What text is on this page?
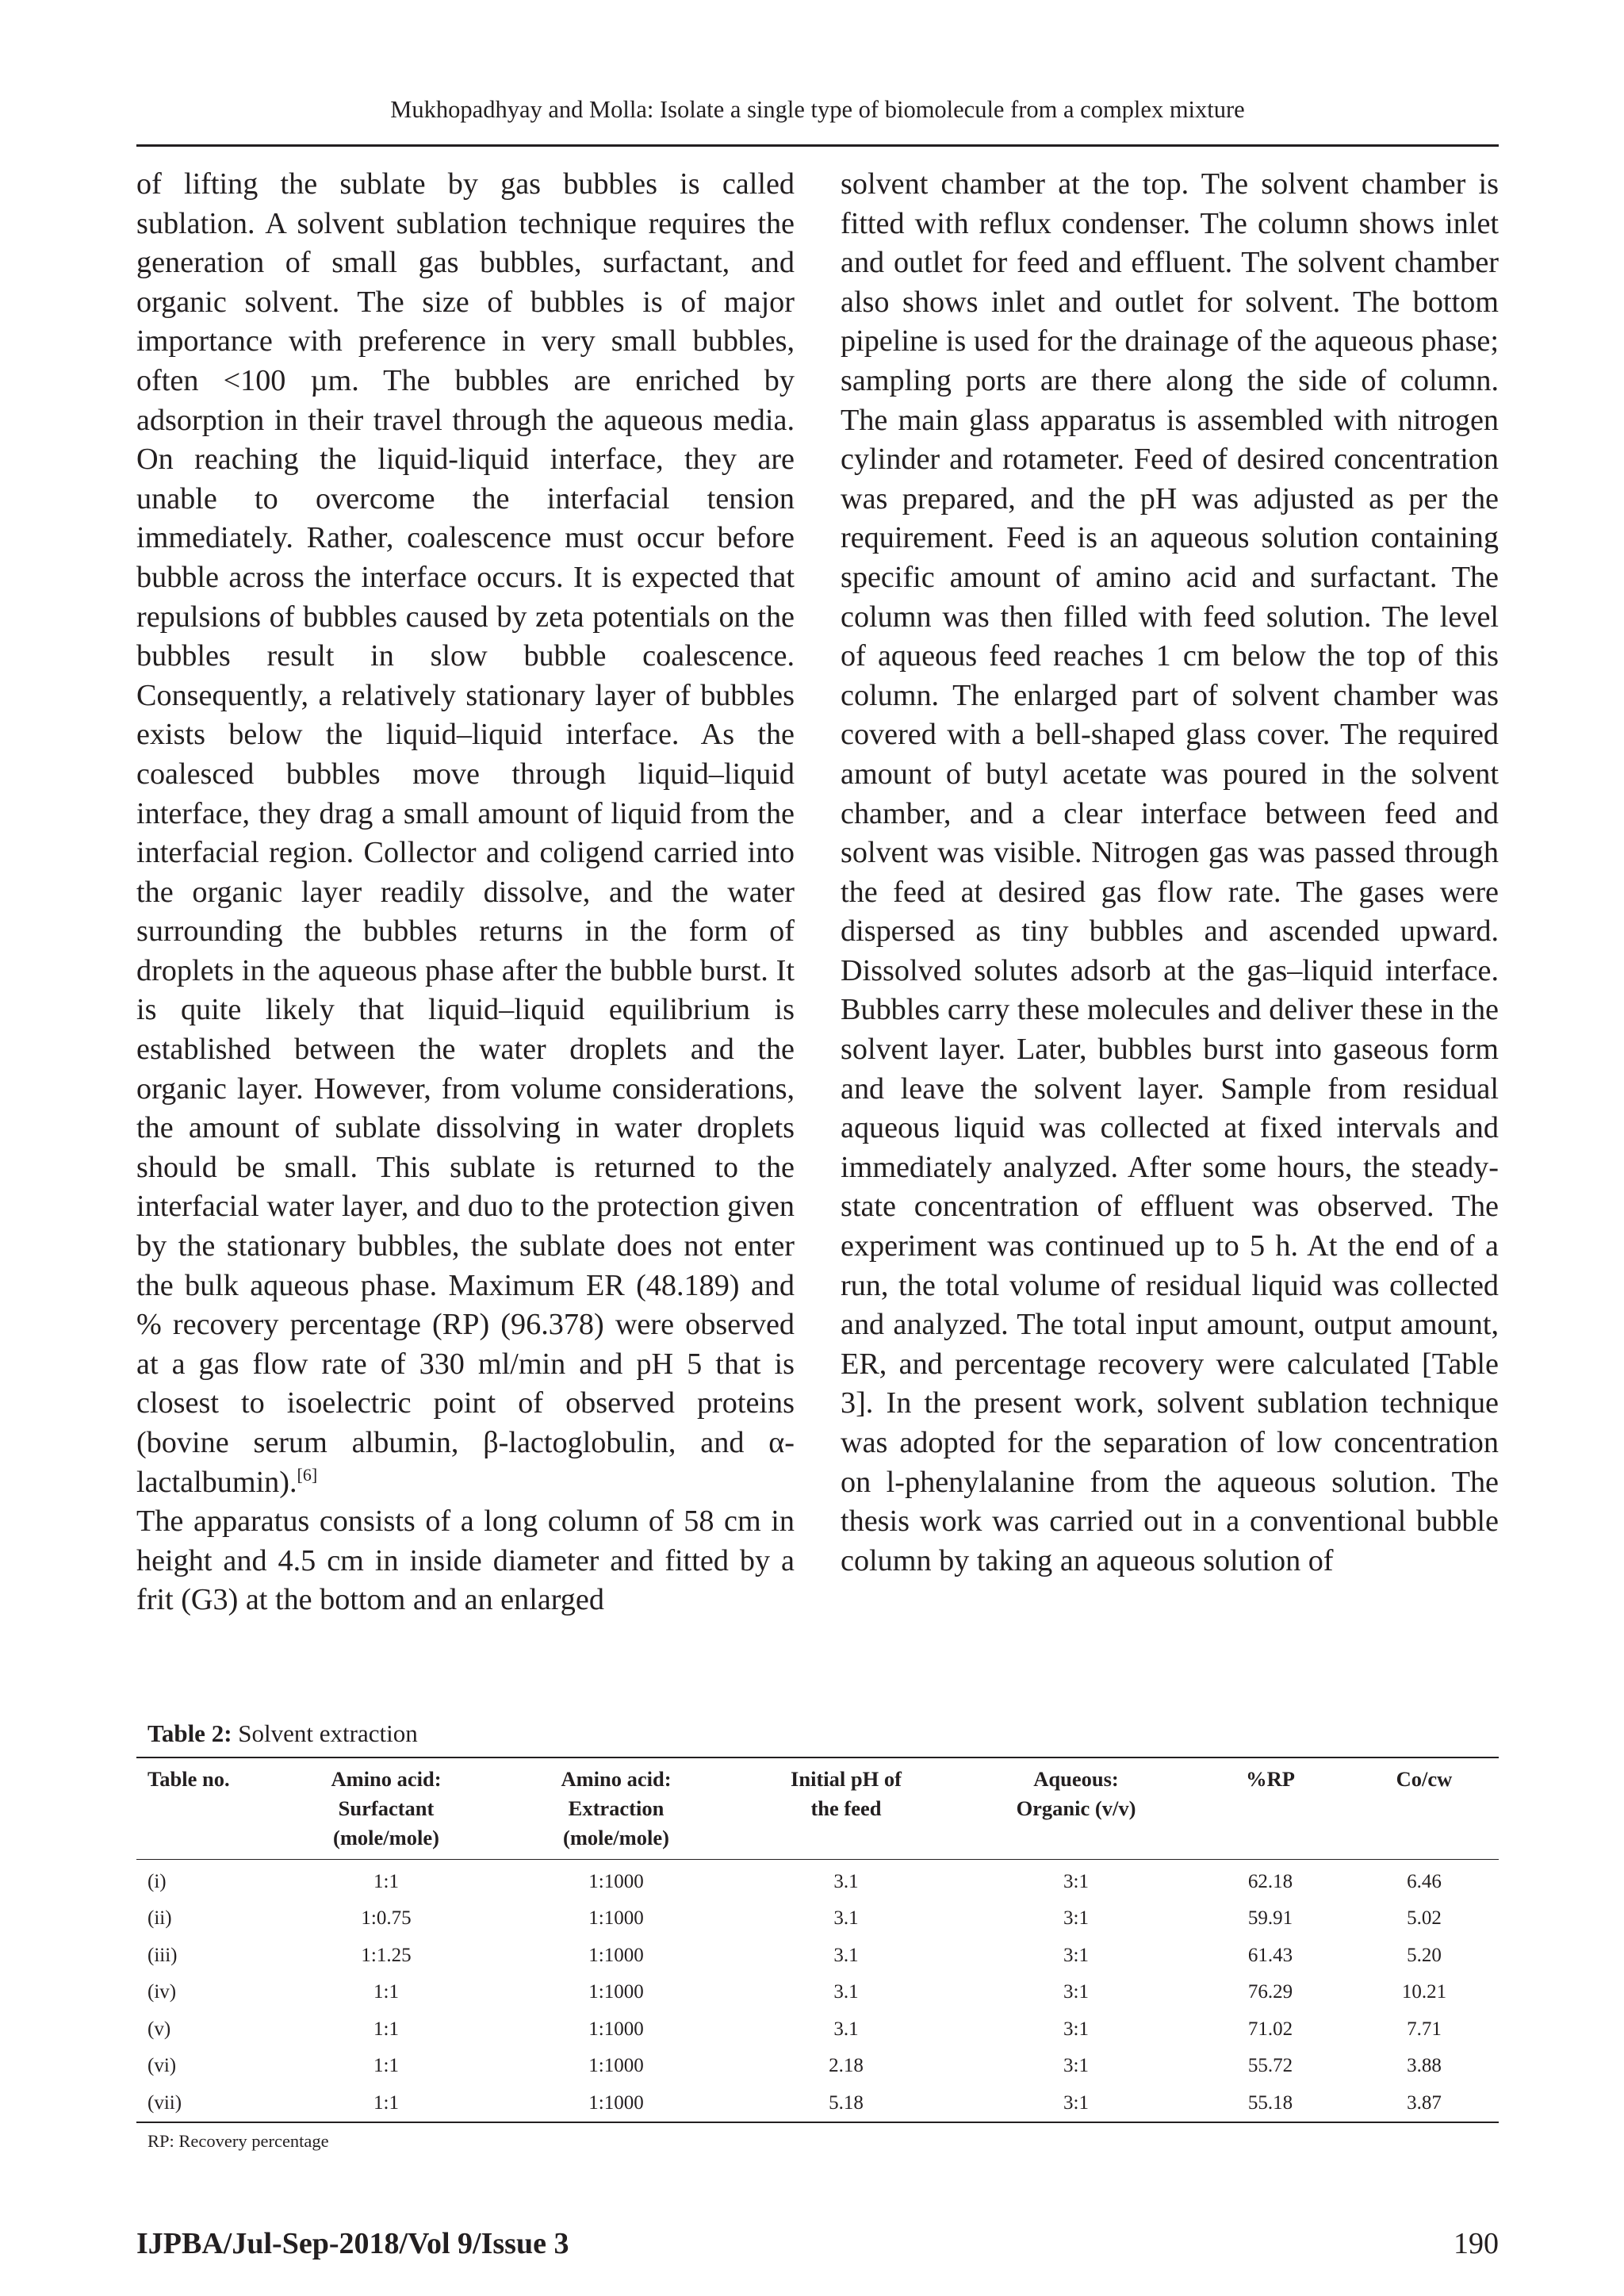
Mukhopadhyay and Molla: Isolate a single type of biomolecule from a complex mixture

of lifting the sublate by gas bubbles is called sublation. A solvent sublation technique requires the generation of small gas bubbles, surfactant, and organic solvent. The size of bubbles is of major importance with preference in very small bubbles, often <100 µm. The bubbles are enriched by adsorption in their travel through the aqueous media. On reaching the liquid-liquid interface, they are unable to overcome the interfacial tension immediately. Rather, coalescence must occur before bubble across the interface occurs. It is expected that repulsions of bubbles caused by zeta potentials on the bubbles result in slow bubble coalescence. Consequently, a relatively stationary layer of bubbles exists below the liquid–liquid interface. As the coalesced bubbles move through liquid–liquid interface, they drag a small amount of liquid from the interfacial region. Collector and coligend carried into the organic layer readily dissolve, and the water surrounding the bubbles returns in the form of droplets in the aqueous phase after the bubble burst. It is quite likely that liquid–liquid equilibrium is established between the water droplets and the organic layer. However, from volume considerations, the amount of sublate dissolving in water droplets should be small. This sublate is returned to the interfacial water layer, and duo to the protection given by the stationary bubbles, the sublate does not enter the bulk aqueous phase. Maximum ER (48.189) and % recovery percentage (RP) (96.378) were observed at a gas flow rate of 330 ml/min and pH 5 that is closest to isoelectric point of observed proteins (bovine serum albumin, β-lactoglobulin, and α-lactalbumin).[6]

The apparatus consists of a long column of 58 cm in height and 4.5 cm in inside diameter and fitted by a frit (G3) at the bottom and an enlarged

solvent chamber at the top. The solvent chamber is fitted with reflux condenser. The column shows inlet and outlet for feed and effluent. The solvent chamber also shows inlet and outlet for solvent. The bottom pipeline is used for the drainage of the aqueous phase; sampling ports are there along the side of column. The main glass apparatus is assembled with nitrogen cylinder and rotameter. Feed of desired concentration was prepared, and the pH was adjusted as per the requirement. Feed is an aqueous solution containing specific amount of amino acid and surfactant. The column was then filled with feed solution. The level of aqueous feed reaches 1 cm below the top of this column. The enlarged part of solvent chamber was covered with a bell-shaped glass cover. The required amount of butyl acetate was poured in the solvent chamber, and a clear interface between feed and solvent was visible. Nitrogen gas was passed through the feed at desired gas flow rate. The gases were dispersed as tiny bubbles and ascended upward. Dissolved solutes adsorb at the gas–liquid interface. Bubbles carry these molecules and deliver these in the solvent layer. Later, bubbles burst into gaseous form and leave the solvent layer. Sample from residual aqueous liquid was collected at fixed intervals and immediately analyzed. After some hours, the steady-state concentration of effluent was observed. The experiment was continued up to 5 h. At the end of a run, the total volume of residual liquid was collected and analyzed. The total input amount, output amount, ER, and percentage recovery were calculated [Table 3]. In the present work, solvent sublation technique was adopted for the separation of low concentration on l-phenylalanine from the aqueous solution. The thesis work was carried out in a conventional bubble column by taking an aqueous solution of

Table 2: Solvent extraction
Table no.	Amino acid:
Surfactant
(mole/mole)	Amino acid:
Extraction
(mole/mole)	Initial pH of
the feed	Aqueous:
Organic (v/v)	%RP	Co/cw
(i)	1:1	1:1000	3.1	3:1	62.18	6.46
(ii)	1:0.75	1:1000	3.1	3:1	59.91	5.02
(iii)	1:1.25	1:1000	3.1	3:1	61.43	5.20
(iv)	1:1	1:1000	3.1	3:1	76.29	10.21
(v)	1:1	1:1000	3.1	3:1	71.02	7.71
(vi)	1:1	1:1000	2.18	3:1	55.72	3.88
(vii)	1:1	1:1000	5.18	3:1	55.18	3.87
RP: Recovery percentage
IJPBA/Jul-Sep-2018/Vol 9/Issue 3	190
